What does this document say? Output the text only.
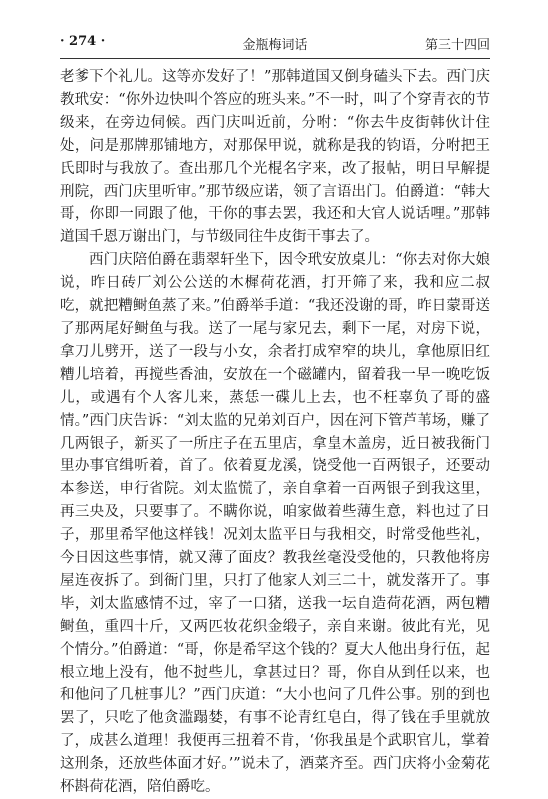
· 274 ·	金瓶梅词话	第三十四回

老爹下个礼儿。这等亦发好了！”那韩道国又倒身磕头下去。西门庆教玳安：“你外边快叫个答应的班头来。”不一时，叫了个穿青衣的节级来，在旁边伺候。西门庆叫近前，分咐：“你去牛皮街韩伙计住处，问是那牌那铺地方，对那保甲说，就称是我的钧语，分咐把王氏即时与我放了。查出那几个光棍名字来，改了报帖，明日早解提刑院，西门庆里听审。”那节级应诺，领了言语出门。伯爵道：“韩大哥，你即一同跟了他，干你的事去罢，我还和大官人说话哩。”那韩道国千恩万谢出门，与节级同往牛皮街干事去了。

西门庆陪伯爵在翡翠轩坐下，因令玳安放桌儿：“你去对你大娘说，昨日砖厂刘公公送的木樨荷花酒，打开筛了来，我和应二叔吃，就把糟鲥鱼蒸了来。”伯爵举手道：“我还没谢的哥，昨日蒙哥送了那两尾好鲥鱼与我。送了一尾与家兄去，剩下一尾，对房下说，拿刀儿劈开，送了一段与小女，余者打成窄窄的块儿，拿他原旧红糟儿培着，再搅些香油，安放在一个磁罐内，留着我一早一晚吃饭儿，或遇有个人客儿来，蒸恁一碟儿上去，也不枉辜负了哥的盛情。”西门庆告诉：“刘太监的兄弟刘百户，因在河下管芦苇场，赚了几两银子，新买了一所庄子在五里店，拿皇木盖房，近日被我衙门里办事官缉听着，首了。依着夏龙溪，饶受他一百两银子，还要动本参送，申行省院。刘太监慌了，亲自拿着一百两银子到我这里，再三央及，只要事了。不瞒你说，咱家做着些薄生意，料也过了日子，那里希罕他这样钱！况刘太监平日与我相交，时常受他些礼，今日因这些事情，就又薄了面皮？教我丝毫没受他的，只教他将房屋连夜拆了。到衙门里，只打了他家人刘三二十，就发落开了。事毕，刘太监感情不过，宰了一口猪，送我一坛自造荷花酒，两包糟鲥鱼，重四十斤，又两匹妆花织金缎子，亲自来谢。彼此有光，见个情分。”伯爵道：“哥，你是希罕这个钱的？夏大人他出身行伍，起根立地上没有，他不挝些儿，拿甚过日？哥，你自从到任以来，也和他问了几桩事儿？”西门庆道：“大小也问了几件公事。别的到也罢了，只吃了他贪滥蹋婪，有事不论青红皂白，得了钱在手里就放了，成甚么道理！我便再三扭着不肯，‘你我虽是个武职官儿，掌着这刑条，还放些体面才好。’”说未了，酒菜齐至。西门庆将小金菊花杯斟荷花酒，陪伯爵吃。
